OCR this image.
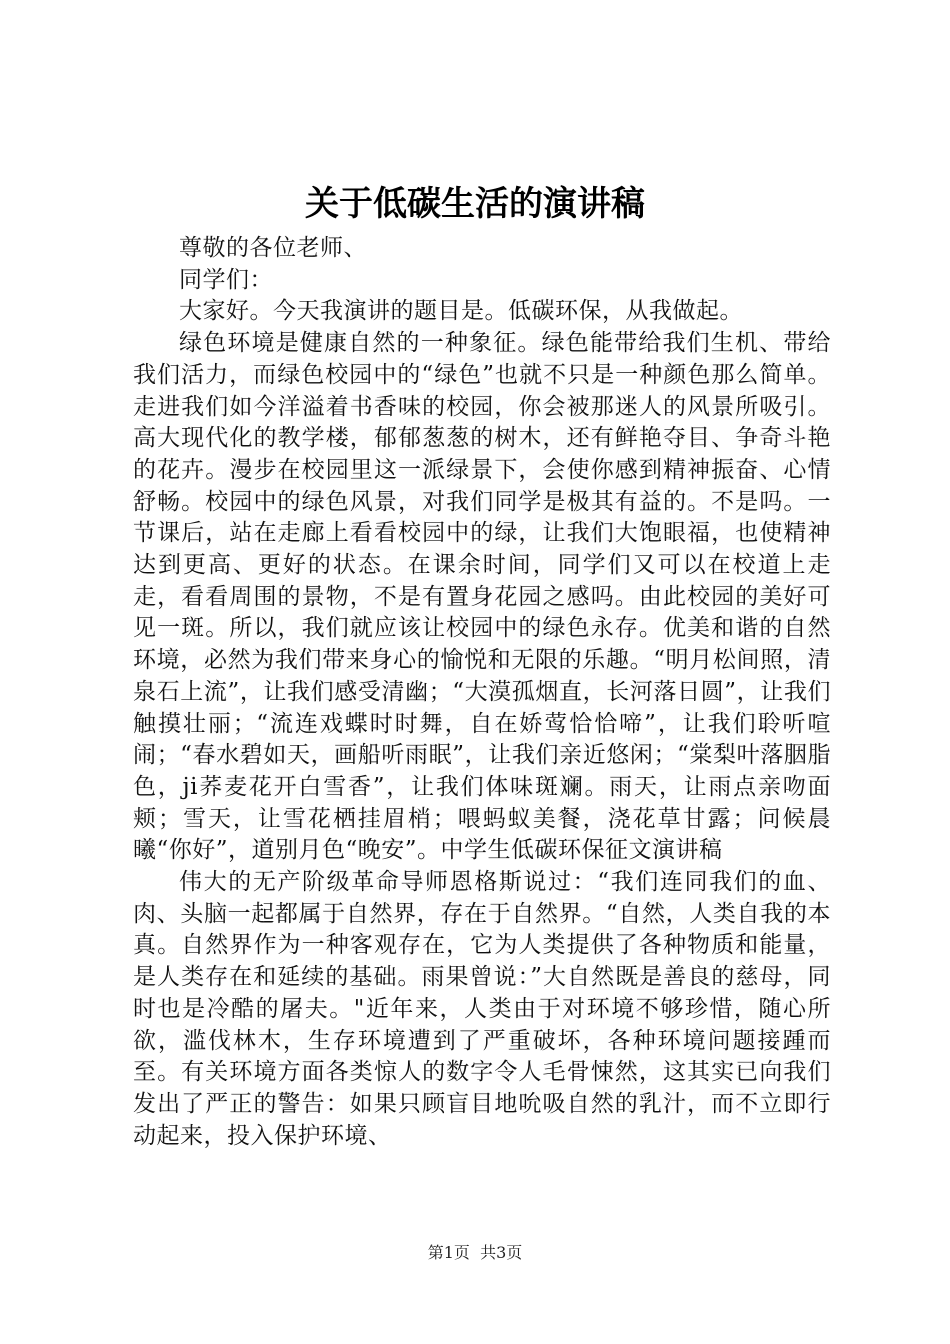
关于低碳生活的演讲稿

尊敬的各位老师、

同学们：

大家好。今天我演讲的题目是。低碳环保，从我做起。

绿色环境是健康自然的一种象征。绿色能带给我们生机、带给我们活力，而绿色校园中的“绿色”也就不只是一种颜色那么简单。走进我们如今洋溢着书香味的校园，你会被那迷人的风景所吸引。高大现代化的教学楼，郁郁葱葱的树木，还有鲜艳夺目、争奇斗艳的花卉。漫步在校园里这一派绿景下，会使你感到精神振奋、心情舒畅。校园中的绿色风景，对我们同学是极其有益的。不是吗。一节课后，站在走廊上看看校园中的绿，让我们大饱眼福，也使精神达到更高、更好的状态。在课余时间，同学们又可以在校道上走走，看看周围的景物，不是有置身花园之感吗。由此校园的美好可见一斑。所以，我们就应该让校园中的绿色永存。优美和谐的自然环境，必然为我们带来身心的愉悦和无限的乐趣。“明月松间照，清泉石上流”，让我们感受清幽；“大漠孤烟直，长河落日圆”，让我们触摸壮丽；“流连戏蝶时时舞，自在娇莺恰恰啼”，让我们聆听喧闹；“春水碧如天，画船听雨眠”，让我们亲近悠闲；“棠梨叶落胭脂色，ji荞麦花开白雪香”，让我们体味斑斓。雨天，让雨点亲吻面颊；雪天，让雪花栖挂眉梢；喂蚂蚁美餐，浇花草甘露；问候晨曦“你好”，道别月色“晚安”。中学生低碳环保征文演讲稿

伟大的无产阶级革命导师恩格斯说过：“我们连同我们的血、肉、头脑一起都属于自然界，存在于自然界。“自然，人类自我的本真。自然界作为一种客观存在，它为人类提供了各种物质和能量，是人类存在和延续的基础。雨果曾说：”大自然既是善良的慈母，同时也是冷酷的屠夫。"近年来，人类由于对环境不够珍惜，随心所欲，滥伐林木，生存环境遭到了严重破坏，各种环境问题接踵而至。有关环境方面各类惊人的数字令人毛骨悚然，这其实已向我们发出了严正的警告：如果只顾盲目地吮吸自然的乳汁，而不立即行动起来，投入保护环境、

第1页  共3页
